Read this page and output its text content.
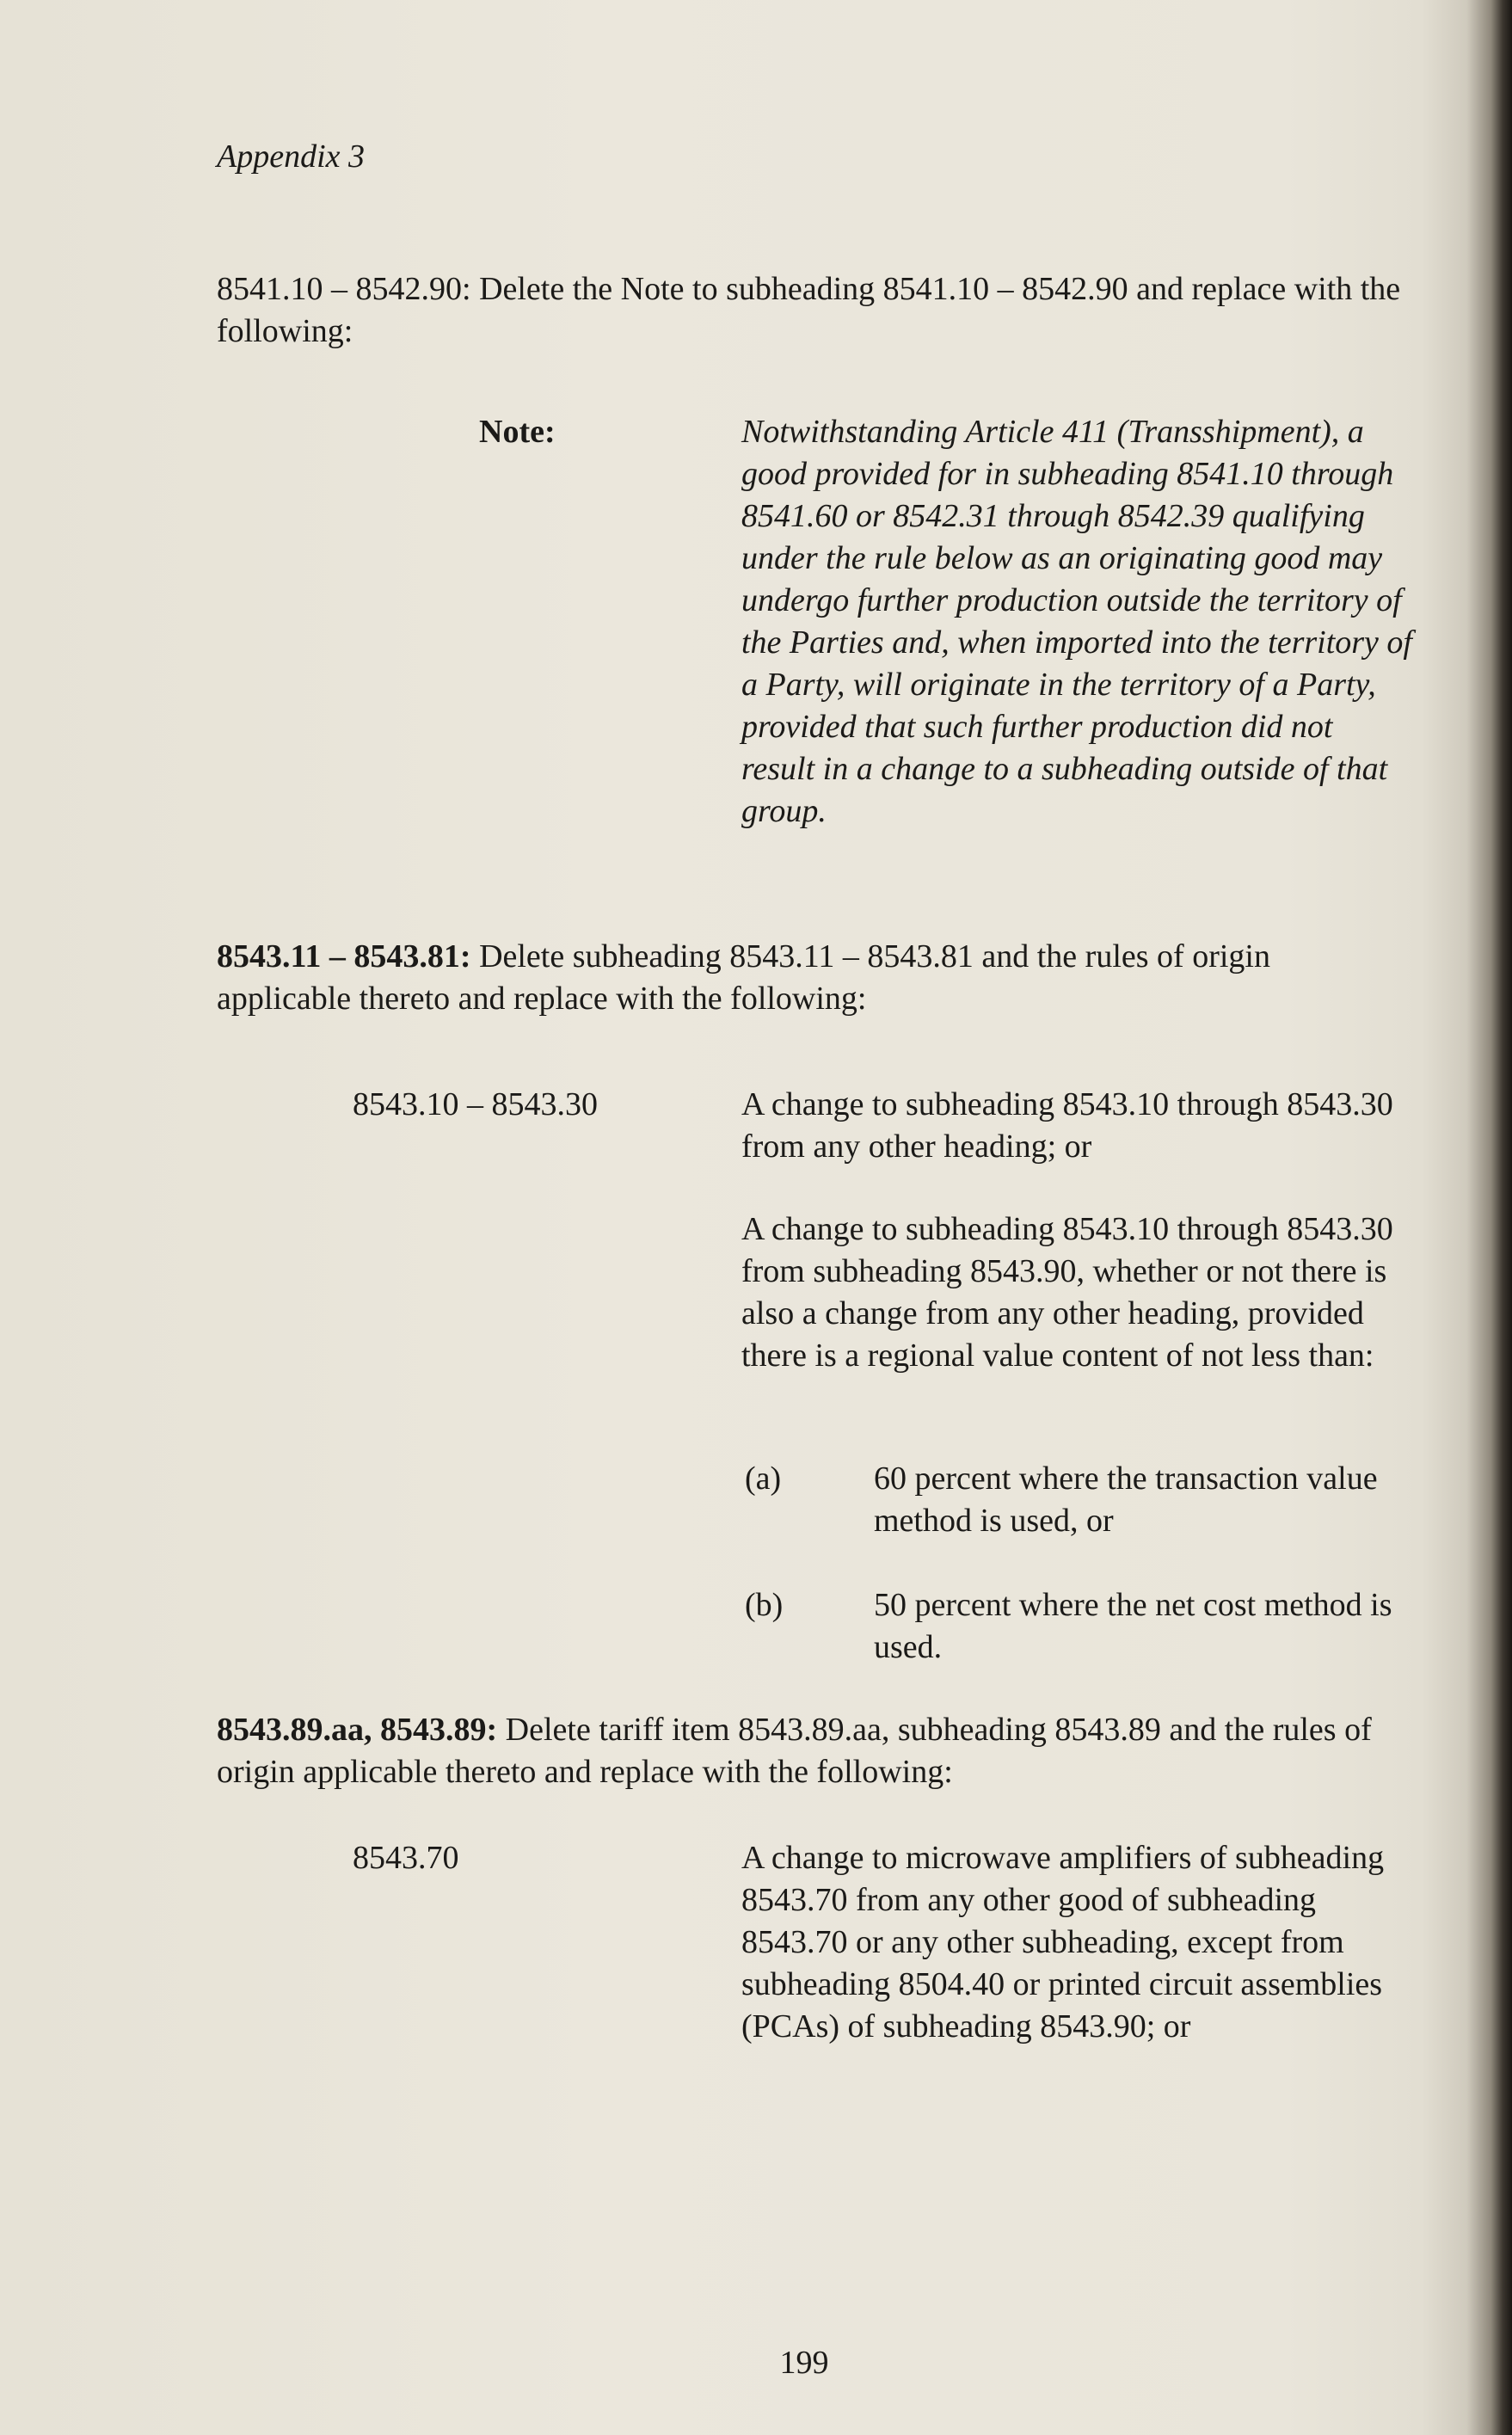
Appendix 3
8541.10 – 8542.90: Delete the Note to subheading 8541.10 – 8542.90 and replace with the following:
Note:	Notwithstanding Article 411 (Transshipment), a good provided for in subheading 8541.10 through 8541.60 or 8542.31 through 8542.39 qualifying under the rule below as an originating good may undergo further production outside the territory of the Parties and, when imported into the territory of a Party, will originate in the territory of a Party, provided that such further production did not result in a change to a subheading outside of that group.
8543.11 – 8543.81: Delete subheading 8543.11 – 8543.81 and the rules of origin applicable thereto and replace with the following:
8543.10 – 8543.30	A change to subheading 8543.10 through 8543.30 from any other heading; or
A change to subheading 8543.10 through 8543.30 from subheading 8543.90, whether or not there is also a change from any other heading, provided there is a regional value content of not less than:
(a)	60 percent where the transaction value method is used, or
(b)	50 percent where the net cost method is used.
8543.89.aa, 8543.89: Delete tariff item 8543.89.aa, subheading 8543.89 and the rules of origin applicable thereto and replace with the following:
8543.70	A change to microwave amplifiers of subheading 8543.70 from any other good of subheading 8543.70 or any other subheading, except from subheading 8504.40 or printed circuit assemblies (PCAs) of subheading 8543.90; or
199
